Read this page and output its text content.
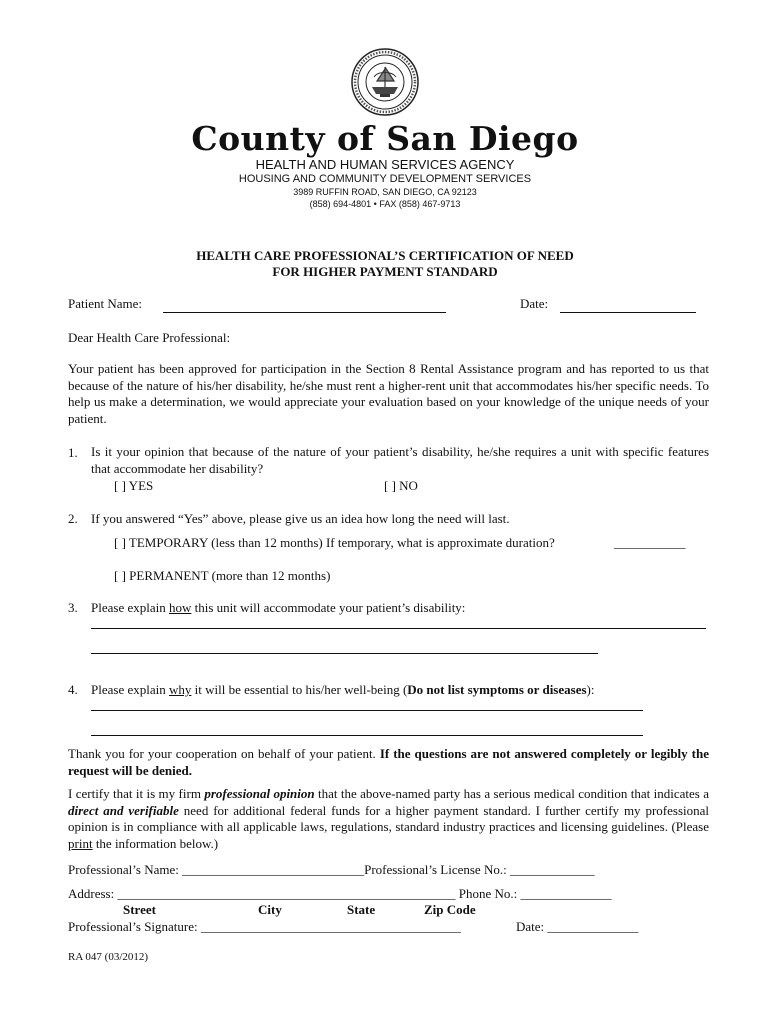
County of San Diego
HEALTH AND HUMAN SERVICES AGENCY
HOUSING AND COMMUNITY DEVELOPMENT SERVICES
3989 RUFFIN ROAD, SAN DIEGO, CA 92123
(858) 694-4801 • FAX (858) 467-9713
HEALTH CARE PROFESSIONAL’S CERTIFICATION OF NEED
FOR HIGHER PAYMENT STANDARD
Patient Name:	Date:
Dear Health Care Professional:
Your patient has been approved for participation in the Section 8 Rental Assistance program and has reported to us that because of the nature of his/her disability, he/she must rent a higher-rent unit that accommodates his/her specific needs. To help us make a determination, we would appreciate your evaluation based on your knowledge of the unique needs of your patient.
1. Is it your opinion that because of the nature of your patient’s disability, he/she requires a unit with specific features that accommodate her disability?
[ ] YES	[ ] NO
2. If you answered “Yes” above, please give us an idea how long the need will last.
[ ] TEMPORARY (less than 12 months) If temporary, what is approximate duration?	___________
[ ] PERMANENT (more than 12 months)
3. Please explain how this unit will accommodate your patient’s disability:
4. Please explain why it will be essential to his/her well-being (Do not list symptoms or diseases):
Thank you for your cooperation on behalf of your patient. If the questions are not answered completely or legibly the request will be denied.
I certify that it is my firm professional opinion that the above-named party has a serious medical condition that indicates a direct and verifiable need for additional federal funds for a higher payment standard. I further certify my professional opinion is in compliance with all applicable laws, regulations, standard industry practices and licensing guidelines. (Please print the information below.)
Professional’s Name: ____________________________Professional’s License No.: _____________
Address: ____________________________________________________ Phone No.: ______________
Street	City	State	Zip Code
Professional’s Signature: ________________________________________	Date: ______________
RA 047 (03/2012)
